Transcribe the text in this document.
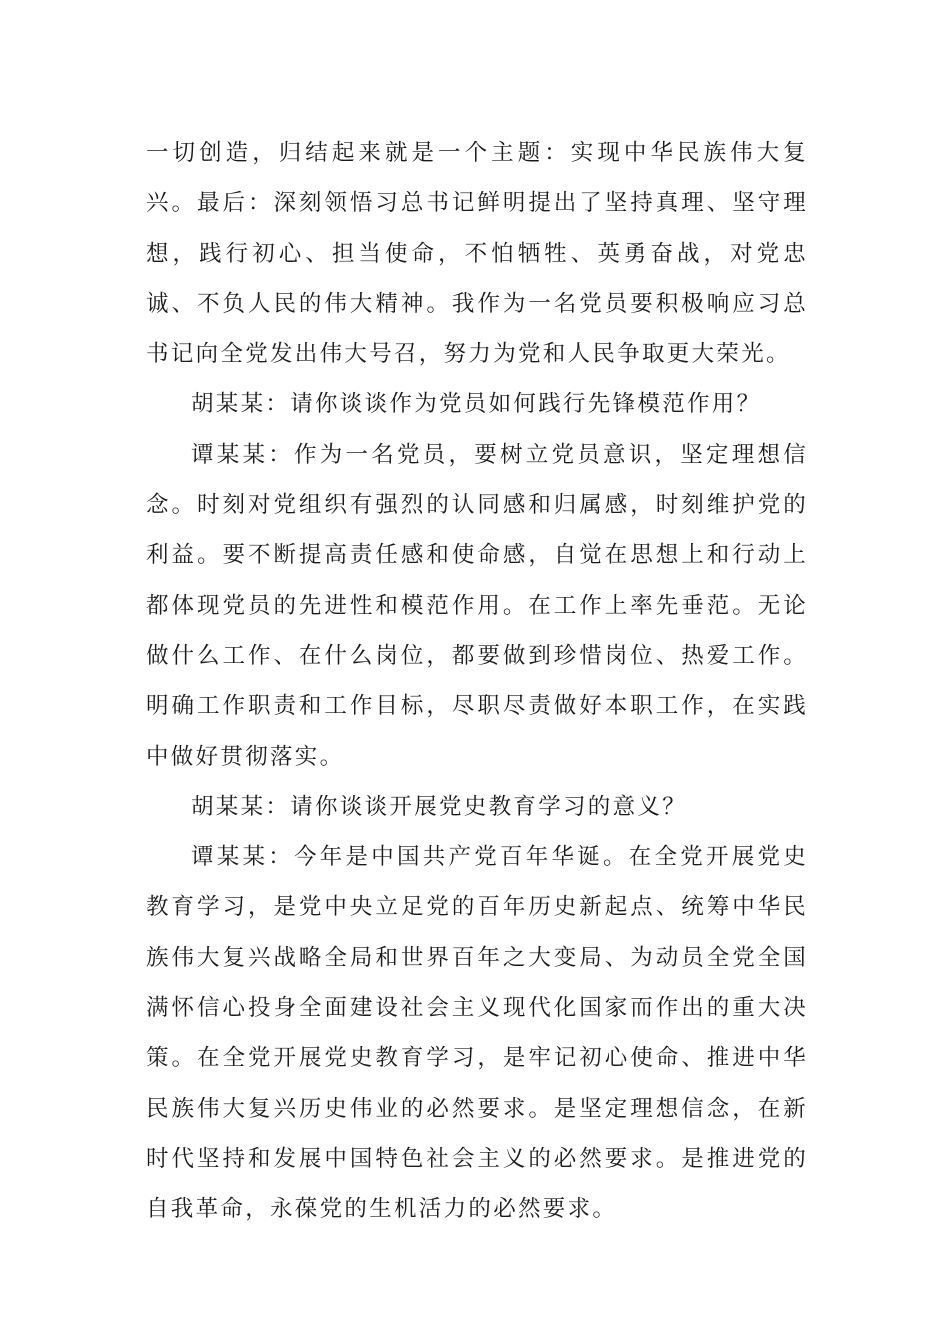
一切创造，归结起来就是一个主题：实现中华民族伟大复兴。最后：深刻领悟习总书记鲜明提出了坚持真理、坚守理想，践行初心、担当使命，不怕牺牲、英勇奋战，对党忠诚、不负人民的伟大精神。我作为一名党员要积极响应习总书记向全党发出伟大号召，努力为党和人民争取更大荣光。

胡某某：请你谈谈作为党员如何践行先锋模范作用？

谭某某：作为一名党员，要树立党员意识，坚定理想信念。时刻对党组织有强烈的认同感和归属感，时刻维护党的利益。要不断提高责任感和使命感，自觉在思想上和行动上都体现党员的先进性和模范作用。在工作上率先垂范。无论做什么工作、在什么岗位，都要做到珍惜岗位、热爱工作。明确工作职责和工作目标，尽职尽责做好本职工作，在实践中做好贯彻落实。

胡某某：请你谈谈开展党史教育学习的意义？

谭某某：今年是中国共产党百年华诞。在全党开展党史教育学习，是党中央立足党的百年历史新起点、统筹中华民族伟大复兴战略全局和世界百年之大变局、为动员全党全国满怀信心投身全面建设社会主义现代化国家而作出的重大决策。在全党开展党史教育学习，是牢记初心使命、推进中华民族伟大复兴历史伟业的必然要求。是坚定理想信念，在新时代坚持和发展中国特色社会主义的必然要求。是推进党的自我革命，永葆党的生机活力的必然要求。
